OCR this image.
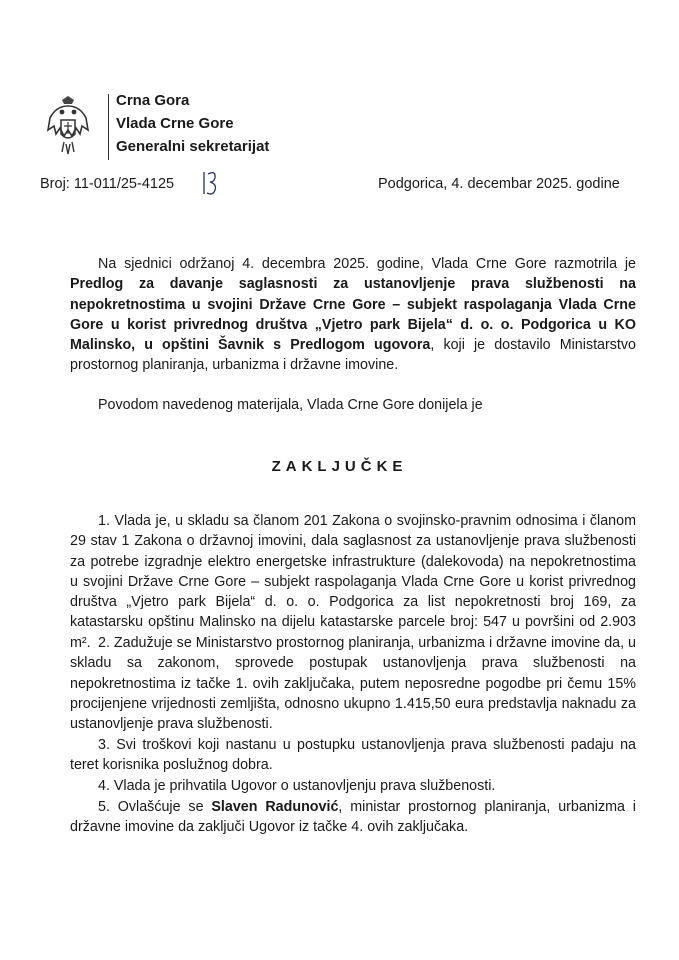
Crna Gora
Vlada Crne Gore
Generalni sekretarijat
Broj: 11-011/25-4125	Podgorica, 4. decembar 2025. godine

Na sjednici održanoj 4. decembra 2025. godine, Vlada Crne Gore razmotrila je Predlog za davanje saglasnosti za ustanovljenje prava službenosti na nepokretnostima u svojini Države Crne Gore – subjekt raspolaganja Vlada Crne Gore u korist privrednog društva „Vjetro park Bijela“ d. o. o. Podgorica u KO Malinsko, u opštini Šavnik s Predlogom ugovora, koji je dostavilo Ministarstvo prostornog planiranja, urbanizma i državne imovine.

Povodom navedenog materijala, Vlada Crne Gore donijela je

ZAKLJUČKE

1. Vlada je, u skladu sa članom 201 Zakona o svojinsko-pravnim odnosima i članom 29 stav 1 Zakona o državnoj imovini, dala saglasnost za ustanovljenje prava službenosti za potrebe izgradnje elektro energetske infrastrukture (dalekovoda) na nepokretnostima u svojini Države Crne Gore – subjekt raspolaganja Vlada Crne Gore u korist privrednog društva „Vjetro park Bijela“ d. o. o. Podgorica za list nepokretnosti broj 169, za katastarsku opštinu Malinsko na dijelu katastarske parcele broj: 547 u površini od 2.903 m². 2. Zadužuje se Ministarstvo prostornog planiranja, urbanizma i državne imovine da, u skladu sa zakonom, sprovede postupak ustanovljenja prava službenosti na nepokretnostima iz tačke 1. ovih zaključaka, putem neposredne pogodbe pri čemu 15% procijenjene vrijednosti zemljišta, odnosno ukupno 1.415,50 eura predstavlja naknadu za ustanovljenje prava službenosti.

3. Svi troškovi koji nastanu u postupku ustanovljenja prava službenosti padaju na teret korisnika poslužnog dobra.

4. Vlada je prihvatila Ugovor o ustanovljenju prava službenosti.

5. Ovlašćuje se Slaven Radunović, ministar prostornog planiranja, urbanizma i državne imovine da zaključi Ugovor iz tačke 4. ovih zaključaka.
